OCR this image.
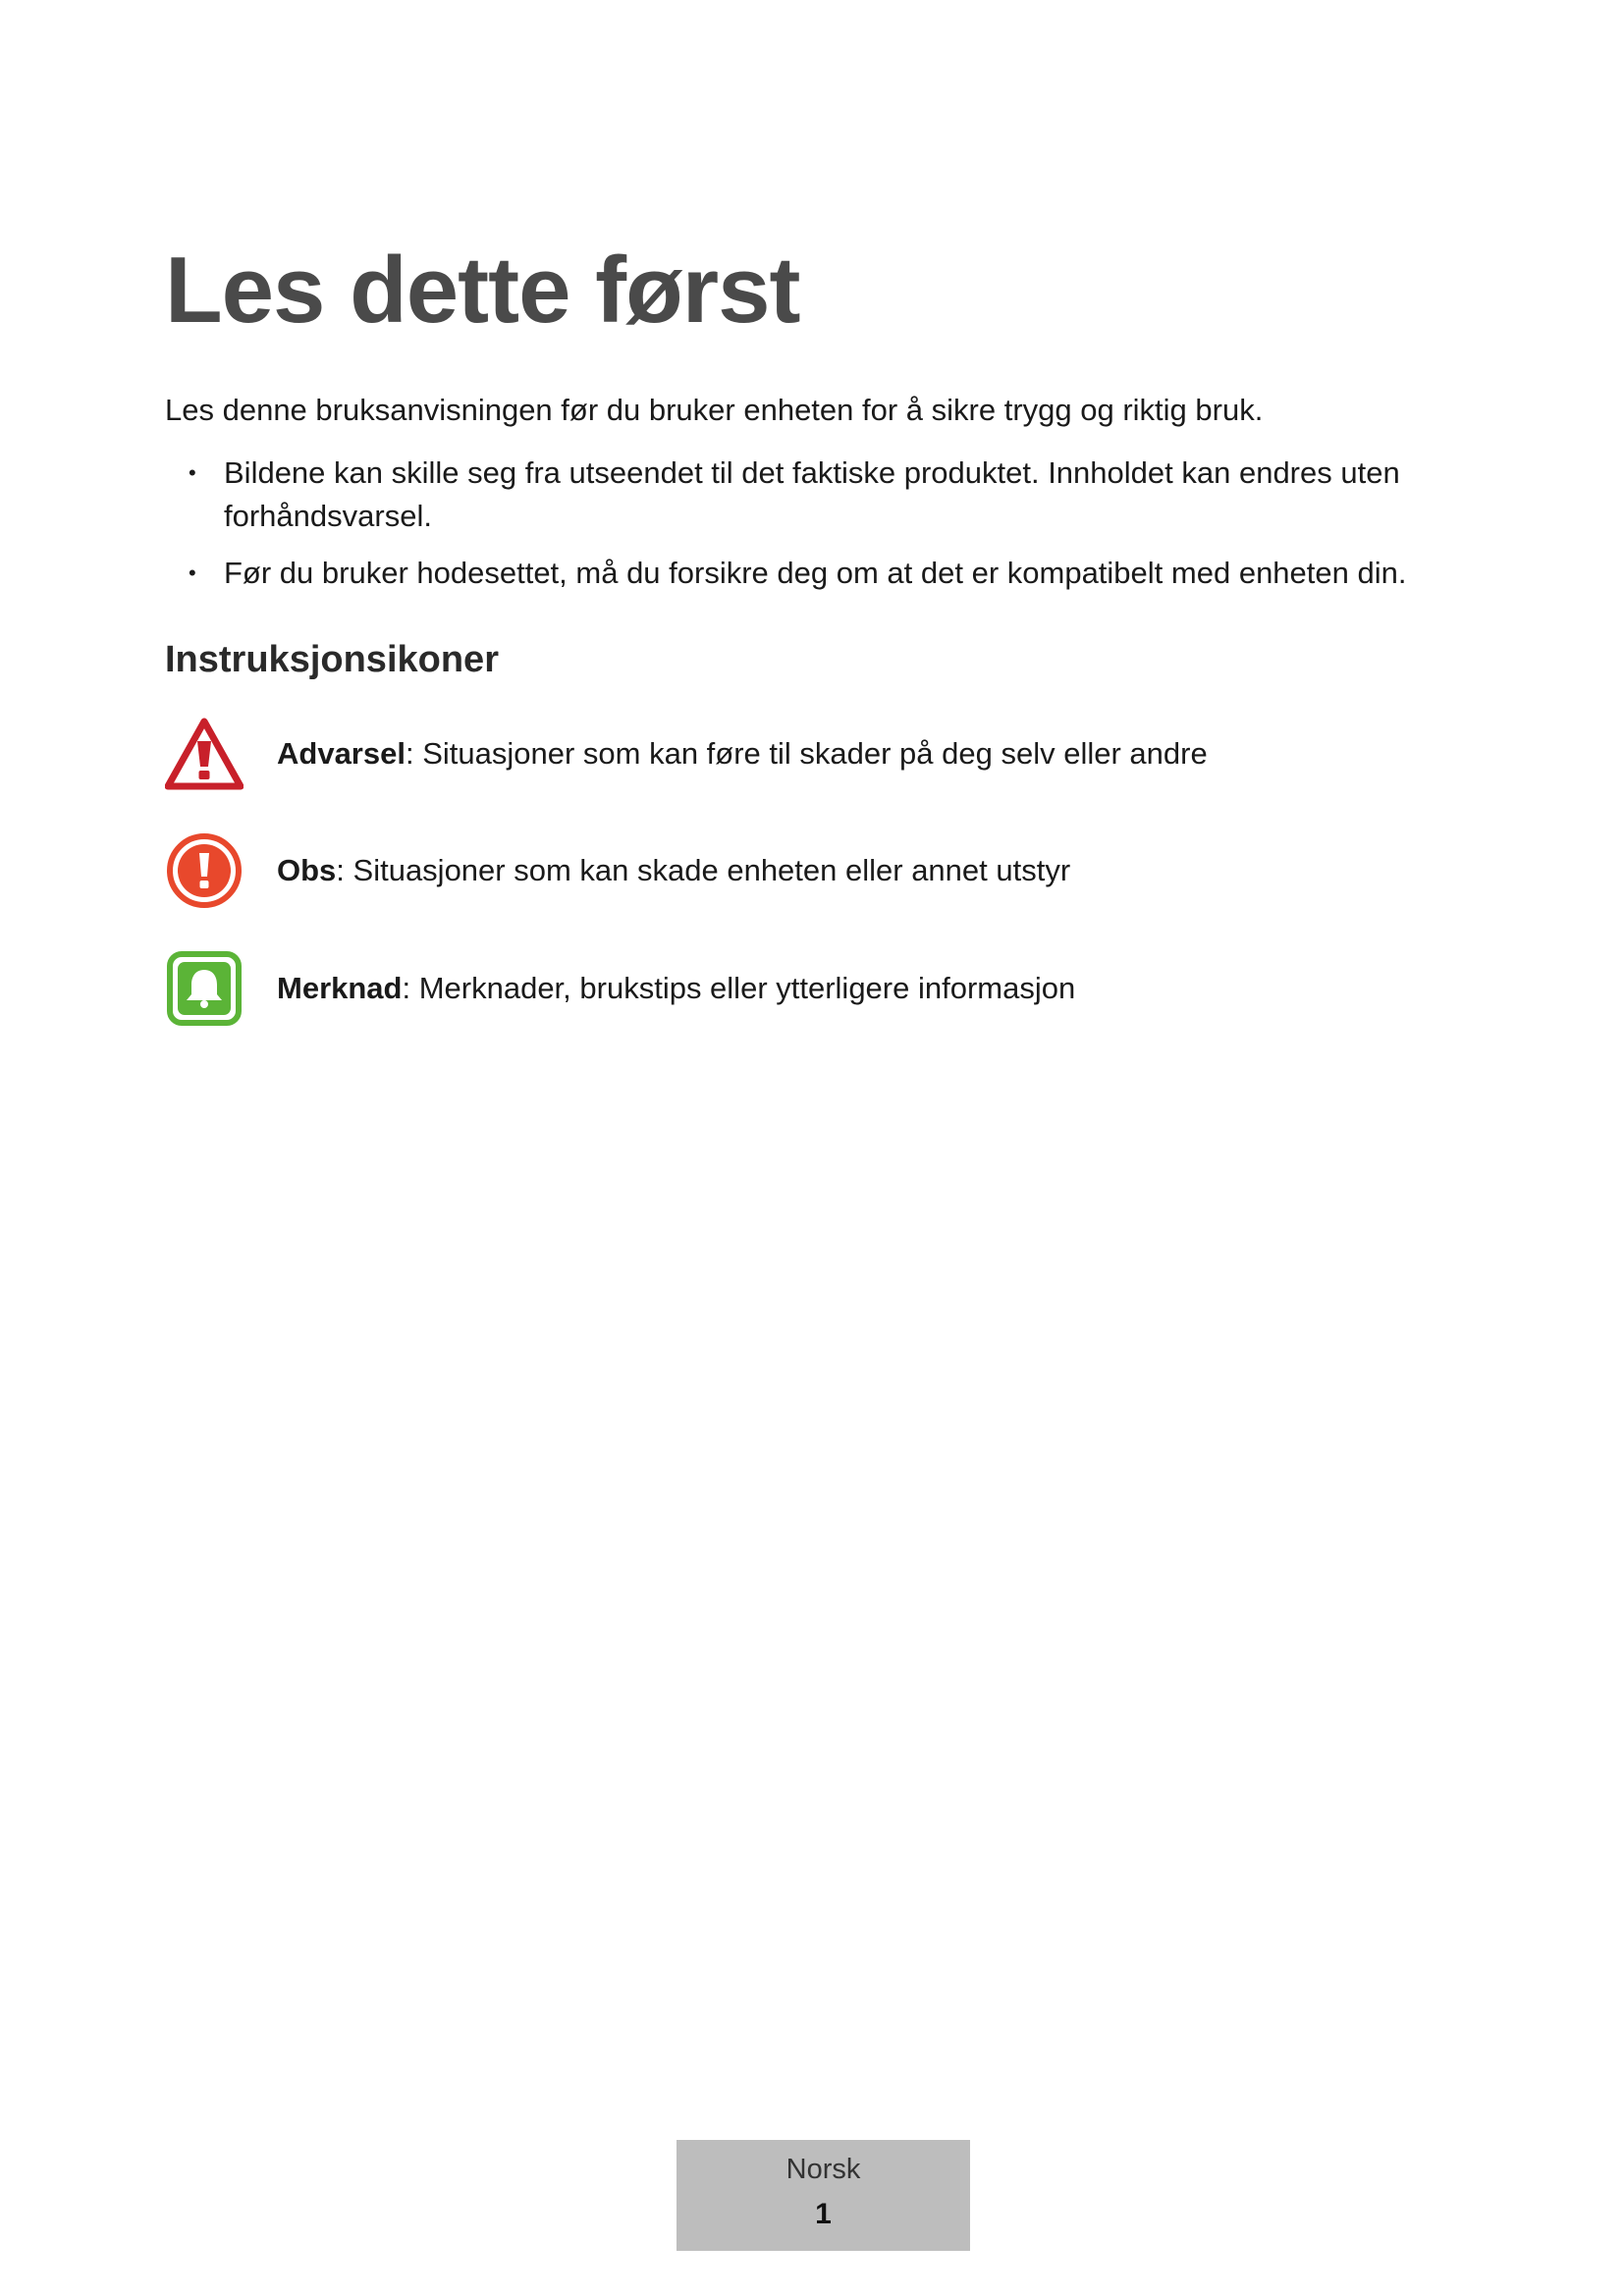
Les dette først

Les denne bruksanvisningen før du bruker enheten for å sikre trygg og riktig bruk.

• Bildene kan skille seg fra utseendet til det faktiske produktet. Innholdet kan endres uten forhåndsvarsel.
• Før du bruker hodesettet, må du forsikre deg om at det er kompatibelt med enheten din.
Instruksjonsikoner
Advarsel: Situasjoner som kan føre til skader på deg selv eller andre
Obs: Situasjoner som kan skade enheten eller annet utstyr
Merknad: Merknader, brukstips eller ytterligere informasjon
Norsk
1
